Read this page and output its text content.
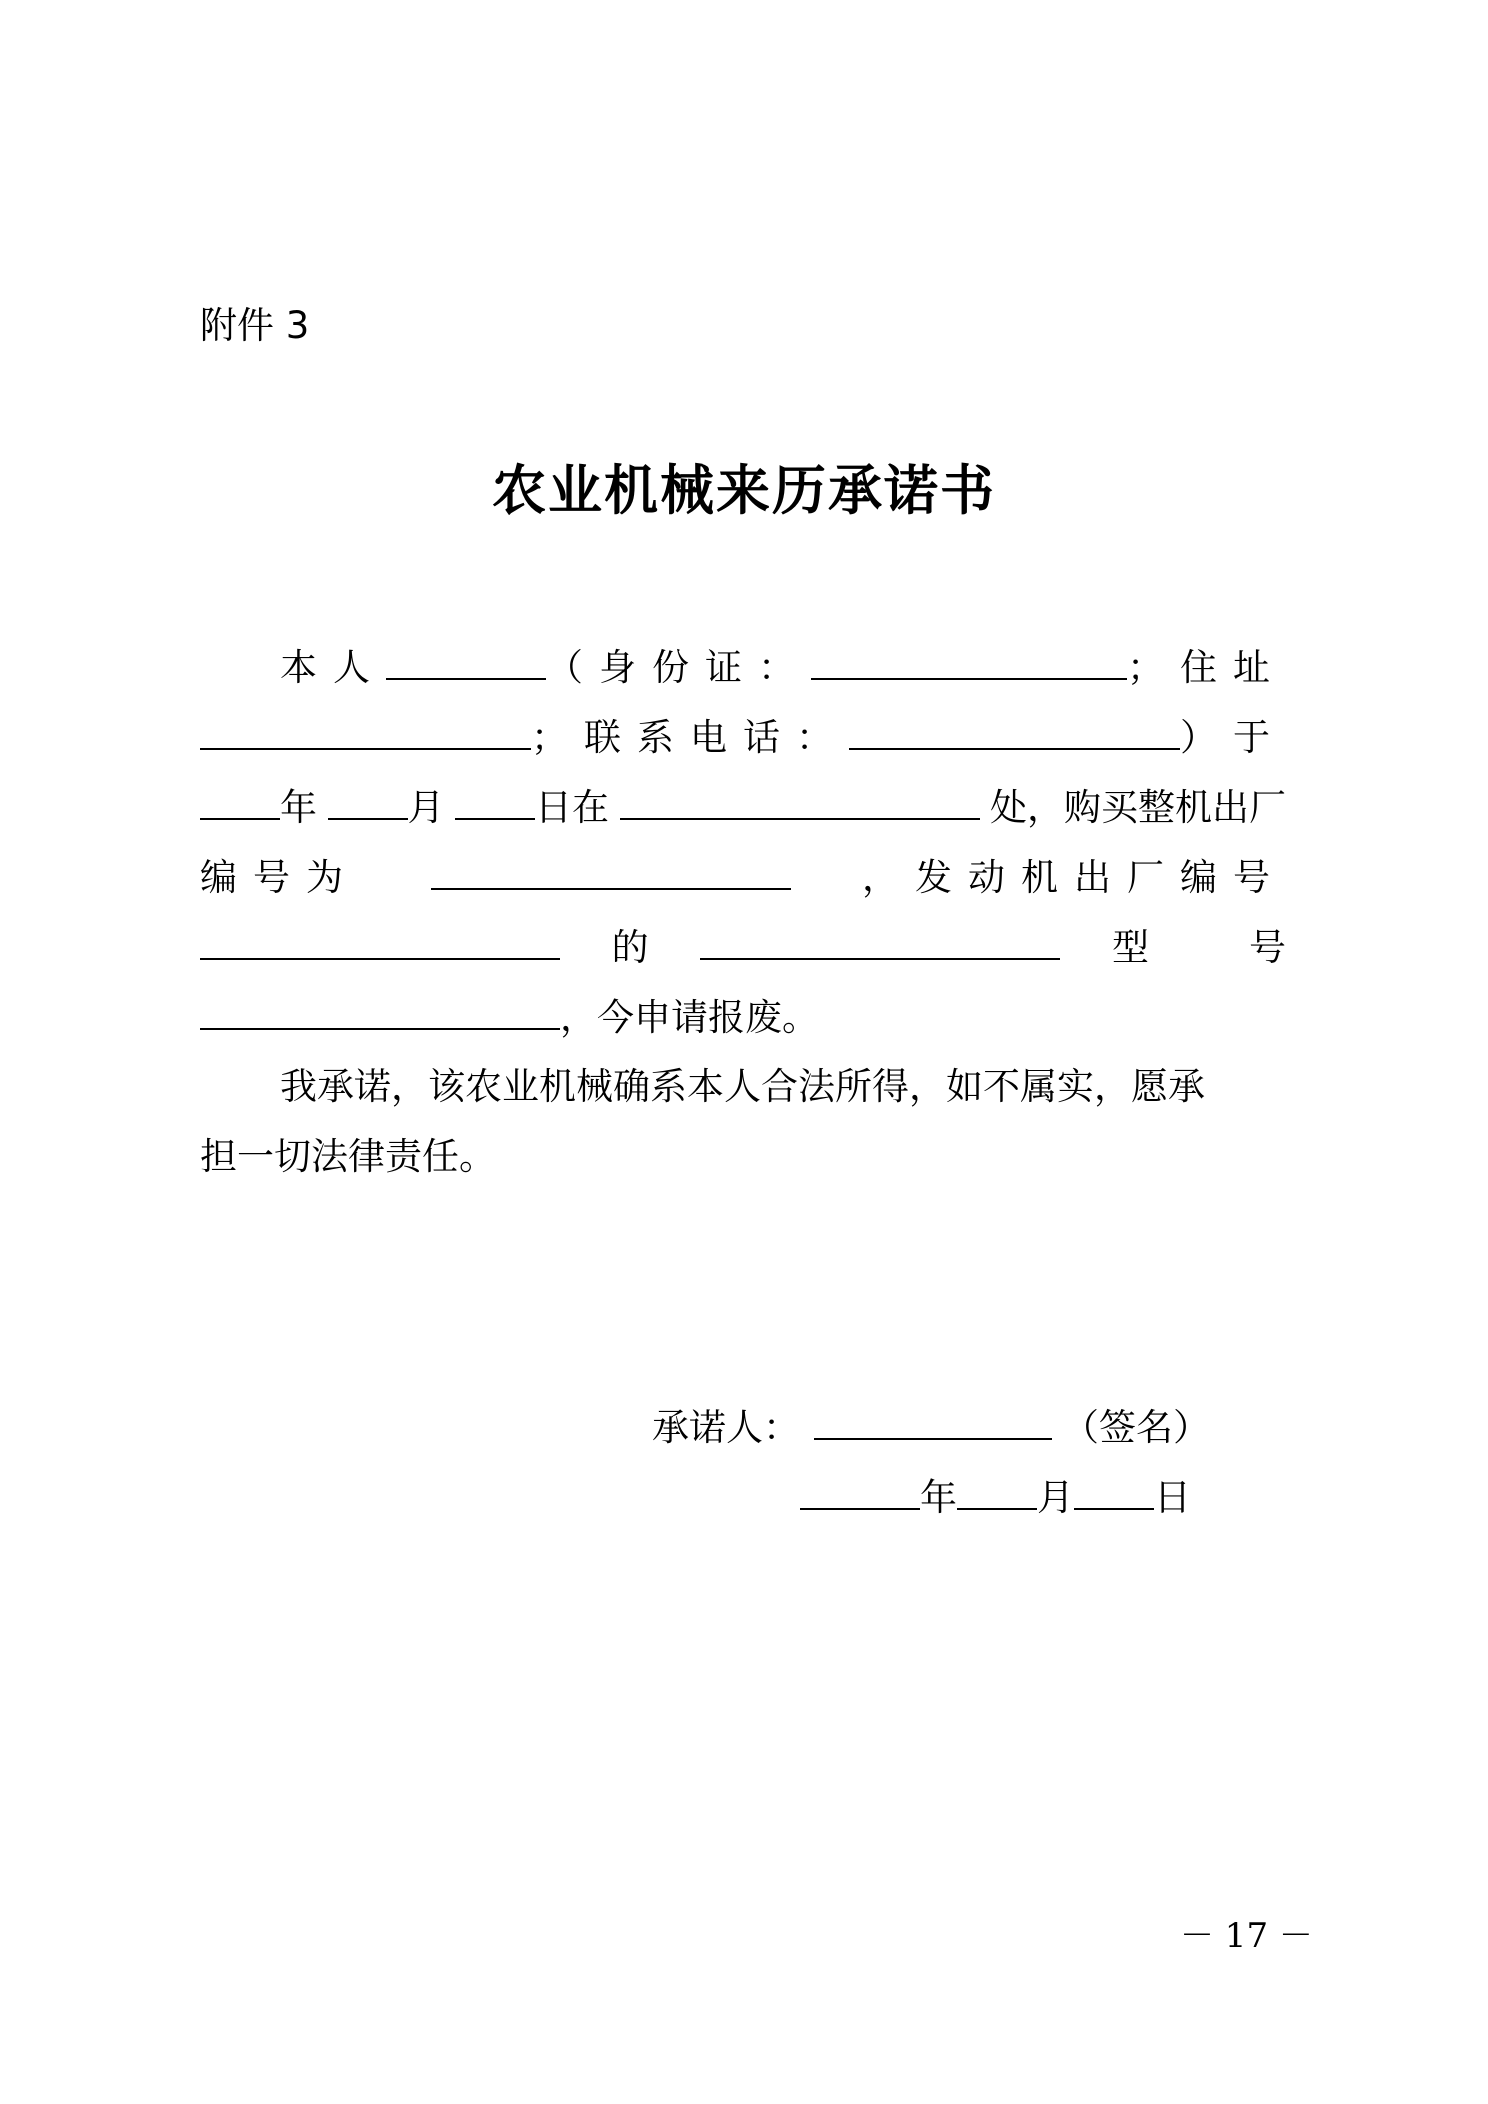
附件 3
农业机械来历承诺书
本人	（身份证：	；住址
；联系电话：	）于
年	月	日在	处，购买整机出厂
编号为	，发动机出厂编号
的	型号
，今申请报废。
我承诺，该农业机械确系本人合法所得，如不属实，愿承
担一切法律责任。
承诺人：	（签名）
年 月 日
－ 17 －
